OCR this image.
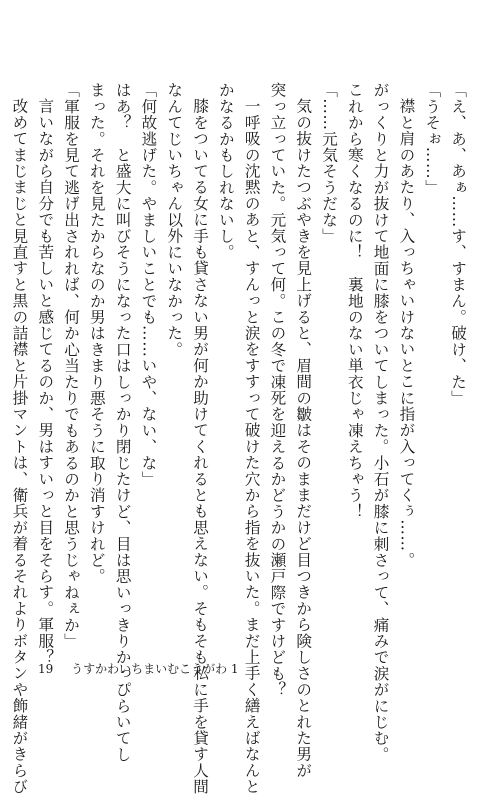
「え、あ、あぁ……す、すまん。破け、た」
「うそぉ……」
襟と肩のあたり、入っちゃいけないとこに指が入ってくぅ……。
がっくりと力が抜けて地面に膝をついてしまった。小石が膝に刺さって、痛みで涙がにじむ。
これから寒くなるのに！　裏地のない単衣じゃ凍えちゃう！
「……元気そうだな」
気の抜けたつぶやきを見上げると、眉間の皺はそのままだけど目つきから険しさのとれた男が
突っ立っていた。元気って何。この冬で凍死を迎えるかどうかの瀬戸際ですけども？
一呼吸の沈黙のあと、すんっと涙をすすって破けた穴から指を抜いた。まだ上手く繕えばなんと
かなるかもしれないし。
膝をついてる女に手も貸さない男が何か助けてくれるとも思えない。そもそも私に手を貸す人間
なんてじいちゃん以外にいなかった。
「何故逃げた。やましいことでも……いや、ない、な」
はあ？　と盛大に叫びそうになった口はしっかり閉じたけど、目は思いっきりかっぴらいてし
まった。それを見たからなのか男はきまり悪そうに取り消すけれど。
「軍服を見て逃げ出されれば、何か心当たりでもあるのかと思うじゃねぇか」
言いながら自分でも苦しいと感じてるのか、男はすいっと目をそらす。軍服？
改めてまじまじと見直すと黒の詰襟と片掛マントは、衛兵が着るそれよりボタンや飾緒がきらび 19 うすかわいちまいむこうがわ 1
